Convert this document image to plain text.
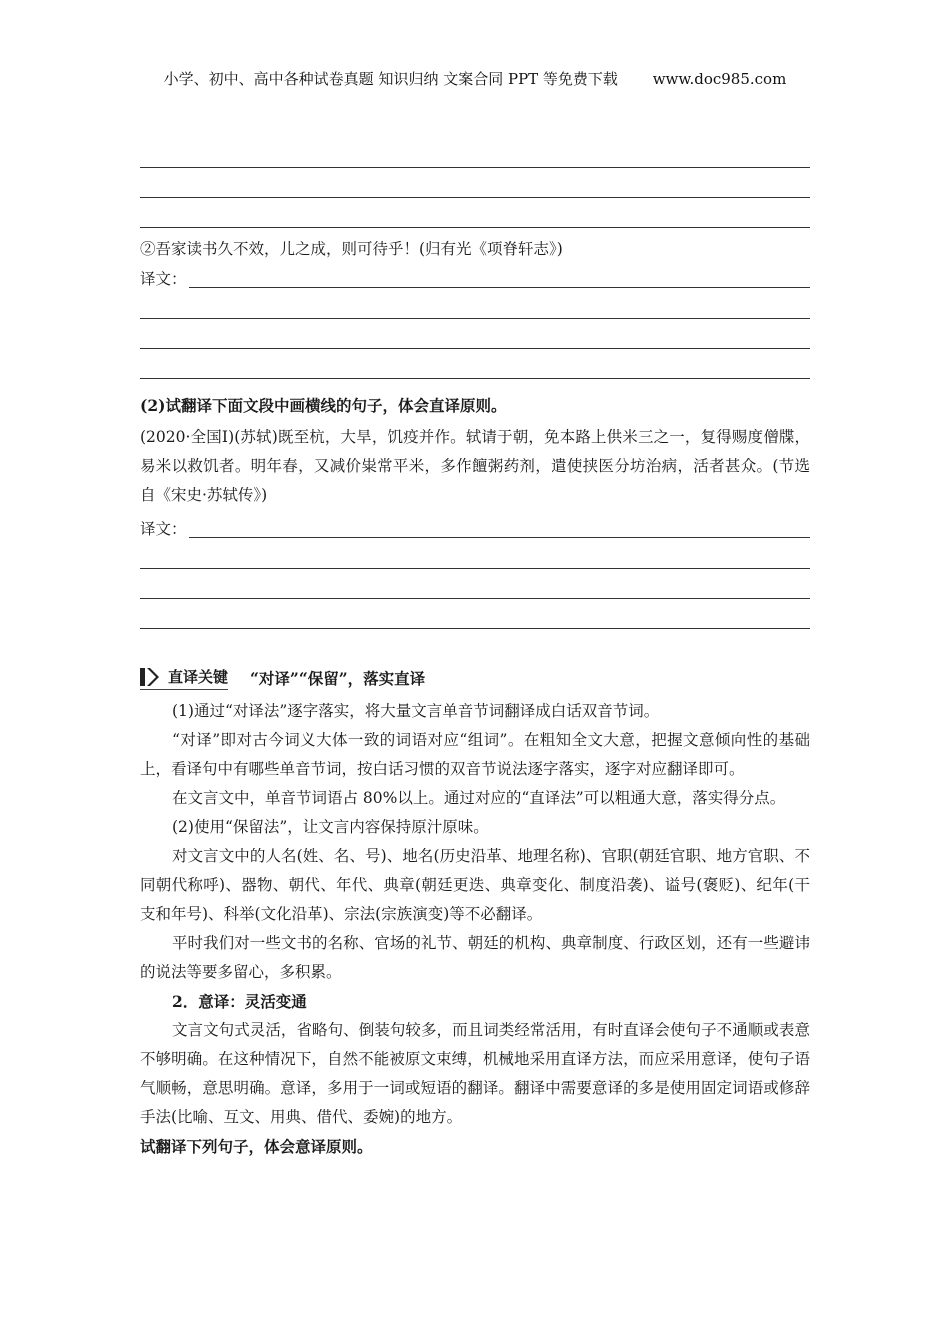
小学、初中、高中各种试卷真题 知识归纳 文案合同 PPT 等免费下载 www.doc985.com
②吾家读书久不效，儿之成，则可待乎！(归有光《项脊轩志》)
译文：
(2)试翻译下面文段中画横线的句子，体会直译原则。
(2020·全国Ⅰ)(苏轼)既至杭，大旱，饥疫并作。轼请于朝，免本路上供米三之一，复得赐度僧牒，易米以救饥者。明年春，又减价粜常平米，多作饘粥药剂，遣使挟医分坊治病，活者甚众。(节选自《宋史·苏轼传》)
译文：
直译关键 “对译”“保留”，落实直译
(1)通过“对译法”逐字落实，将大量文言单音节词翻译成白话双音节词。
“对译”即对古今词义大体一致的词语对应“组词”。在粗知全文大意，把握文意倾向性的基础上，看译句中有哪些单音节词，按白话习惯的双音节说法逐字落实，逐字对应翻译即可。
在文言文中，单音节词语占 80%以上。通过对应的“直译法”可以粗通大意，落实得分点。
(2)使用“保留法”，让文言内容保持原汁原味。
对文言文中的人名(姓、名、号)、地名(历史沿革、地理名称)、官职(朝廷官职、地方官职、不同朝代称呼)、器物、朝代、年代、典章(朝廷更迭、典章变化、制度沿袭)、谥号(褒贬)、纪年(干支和年号)、科举(文化沿革)、宗法(宗族演变)等不必翻译。
平时我们对一些文书的名称、官场的礼节、朝廷的机构、典章制度、行政区划，还有一些避讳的说法等要多留心，多积累。
2．意译：灵活变通
文言文句式灵活，省略句、倒装句较多，而且词类经常活用，有时直译会使句子不通顺或表意不够明确。在这种情况下，自然不能被原文束缚，机械地采用直译方法，而应采用意译，使句子语气顺畅，意思明确。意译，多用于一词或短语的翻译。翻译中需要意译的多是使用固定词语或修辞手法(比喻、互文、用典、借代、委婉)的地方。
试翻译下列句子，体会意译原则。
